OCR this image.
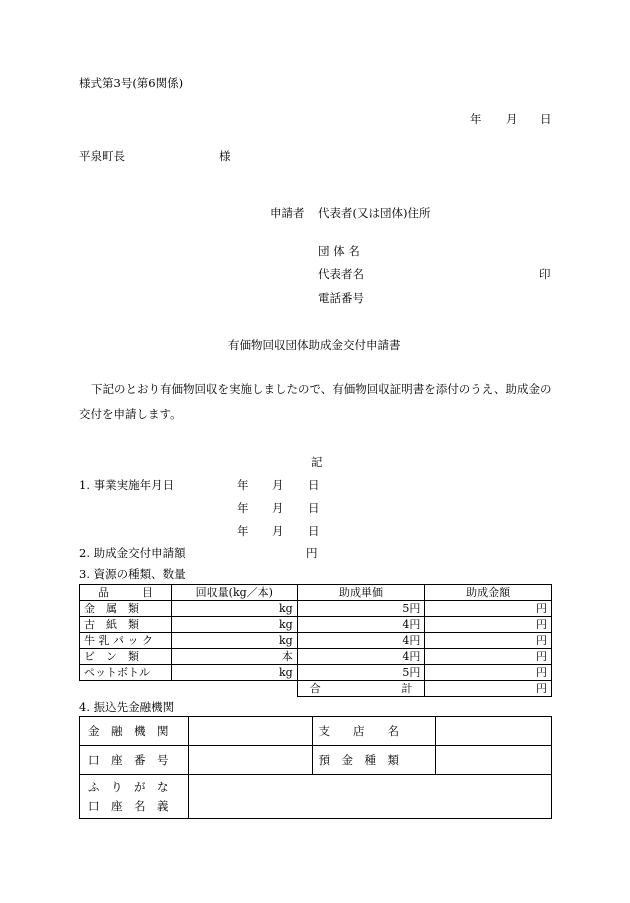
様式第3号(第6関係)
年 月 日
平泉町長	様
申請者 代表者(又は団体)住所
団 体 名
代表者名	印
電話番号
有価物回収団体助成金交付申請書
下記のとおり有価物回収を実施しましたので、有価物回収証明書を添付のうえ、助成金の
交付を申請します。
記
1. 事業実施年月日	年 月 日
年 月 日
年 月 日
2. 助成金交付申請額	円
3. 資源の種類、数量
品　　　目	回収量(kg／本)	助成単価	助成金額
金　属　類	kg	5円	円
古　紙　類	kg	4円	円
牛 乳 パ ッ ク	kg	4円	円
ビ　ン　類	本	4円	円
ペットボトル	kg	5円	円
		合 計	円
4. 振込先金融機関
金　融　機　関		支　　店　　名	
口　座　番　号		預　金　種　類	

ふ　り　が　な
口　座　名　義			
